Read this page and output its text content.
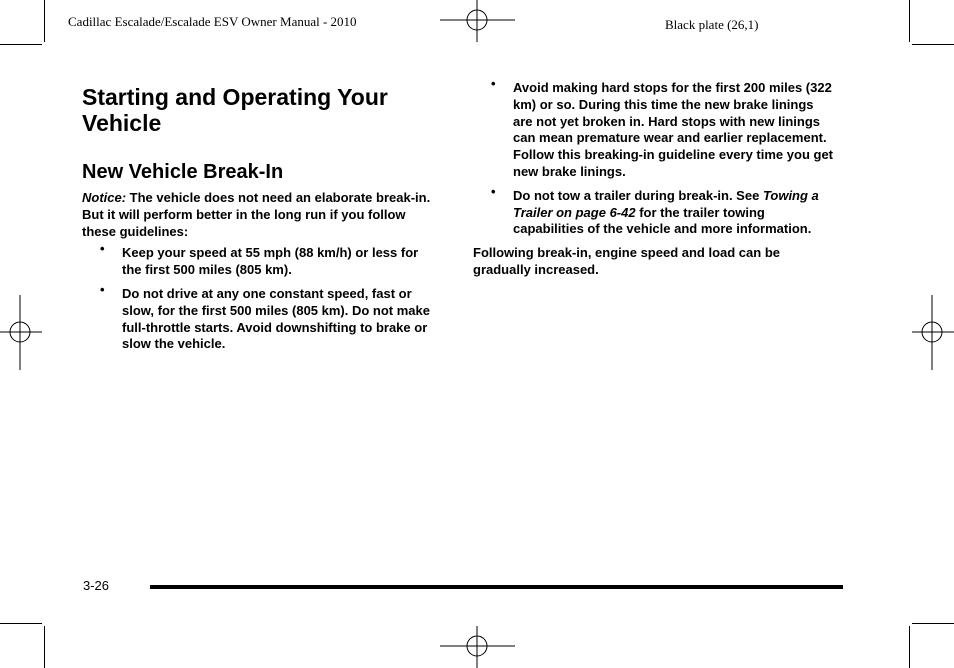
Cadillac Escalade/Escalade ESV Owner Manual - 2010	Black plate (26,1)
Starting and Operating Your Vehicle
New Vehicle Break-In

Notice: The vehicle does not need an elaborate break-in. But it will perform better in the long run if you follow these guidelines:

• Keep your speed at 55 mph (88 km/h) or less for the first 500 miles (805 km).
• Do not drive at any one constant speed, fast or slow, for the first 500 miles (805 km). Do not make full-throttle starts. Avoid downshifting to brake or slow the vehicle.
• Avoid making hard stops for the first 200 miles (322 km) or so. During this time the new brake linings are not yet broken in. Hard stops with new linings can mean premature wear and earlier replacement. Follow this breaking-in guideline every time you get new brake linings.
• Do not tow a trailer during break-in. See Towing a Trailer on page 6-42 for the trailer towing capabilities of the vehicle and more information.

Following break-in, engine speed and load can be gradually increased.

3-26
